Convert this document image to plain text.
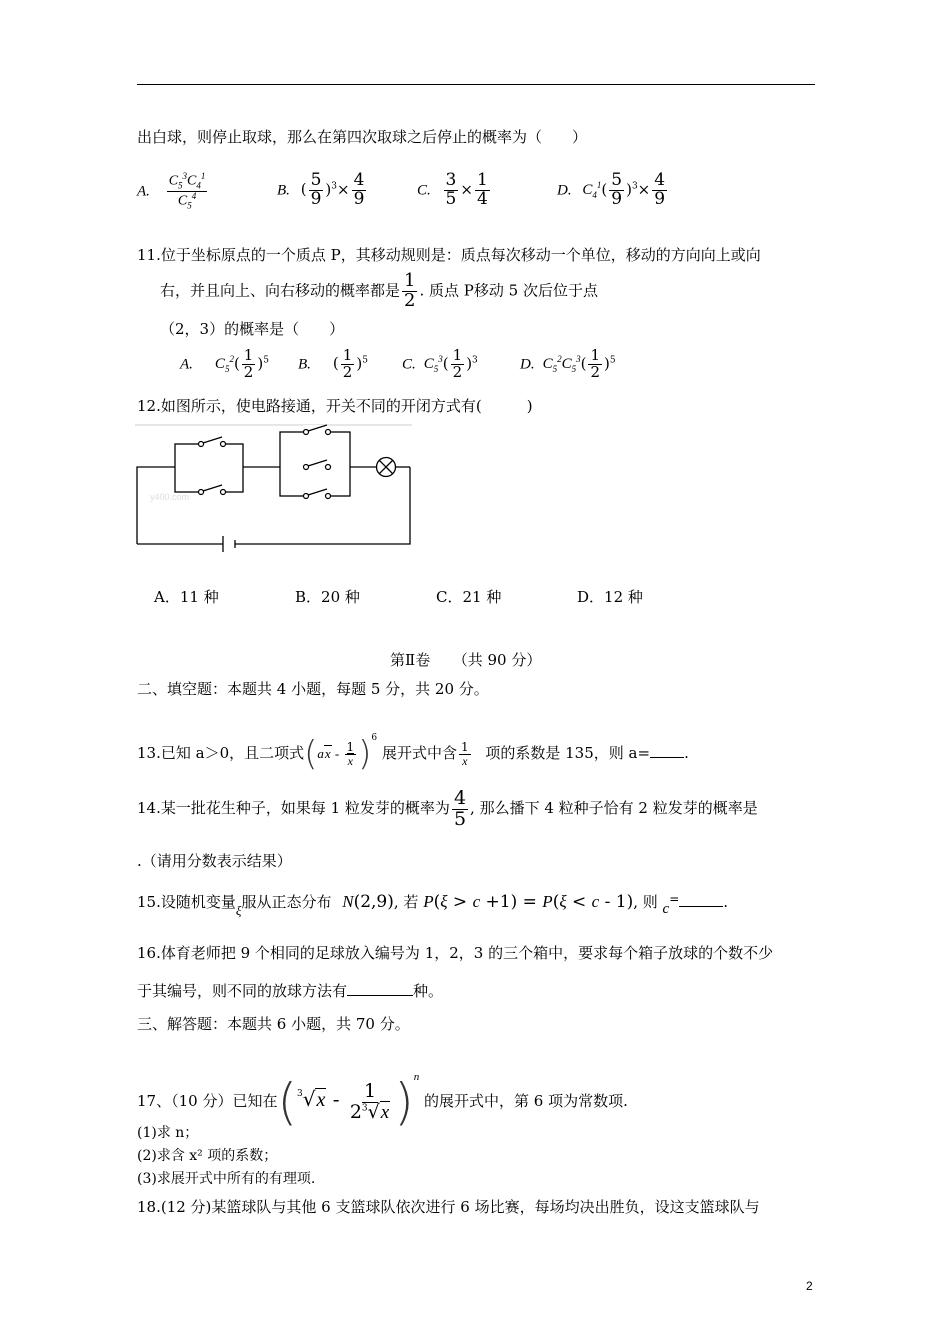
出白球，则停止取球，那么在第四次取球之后停止的概率为（　　）
A. $\frac{C_5^3C_4^1}{C_5^4}$	B. ( $\frac{5}{9} )^3\times \frac{4}{9}$	C. $\frac{3}{5} \times \frac{1}{4}$	D. $C_4^1( \frac{5}{9} )^3\times \frac{4}{9}$
11.位于坐标原点的一个质点 P，其移动规则是：质点每次移动一个单位，移动的方向向上或向
右，并且向上、向右移动的概率都是 $\frac{1}{2}$ . 质点 P移动 5 次后位于点
（2，3）的概率是（　　）
A. $C_5^2( \frac{1}{2} )^5$ B. ( $\frac{1}{2} )^5$ C. $C_5^3( \frac{1}{2} )^3$	D. $C_5^2C_5^3( \frac{1}{2} )^5$
12.如图所示，使电路接通，开关不同的开闭方式有(　　　)
y400.com
A．11 种	B．20 种	C．21 种	D．12 种
第Ⅱ卷　　（共 90 分）
二、填空题：本题共 4 小题，每题 5 分，共 20 分。
13.已知 a＞0，且二项式$(ax - \frac{1}{x} )^6$ 展开式中含 $\frac{1}{x}$ 项的系数是 135，则 a= .
14.某一批花生种子，如果每 1 粒发芽的概率为 $\frac{4}{5}$ , 那么播下 4 粒种子恰有 2 粒发芽的概率是
.（请用分数表示结果）
15.设随机变量ξ服从正态分布 N(2,9), 若 P(ξ > c +1) = P(ξ < c - 1), 则 c=	.
16.体育老师把 9 个相同的足球放入编号为 1，2，3 的三个箱中，要求每个箱子放球的个数不少
于其编号，则不同的放球方法有	种。
三、解答题：本题共 6 小题，共 70 分。
17、（10 分）已知在$(^3√x - \frac{1}{2^3√x} )^n$ 的展开式中，第 6 项为常数项.
(1)求 n；
(2)求含 x² 项的系数；
(3)求展开式中所有的有理项.
18.(12 分)某篮球队与其他 6 支篮球队依次进行 6 场比赛，每场均决出胜负，设这支篮球队与
2
